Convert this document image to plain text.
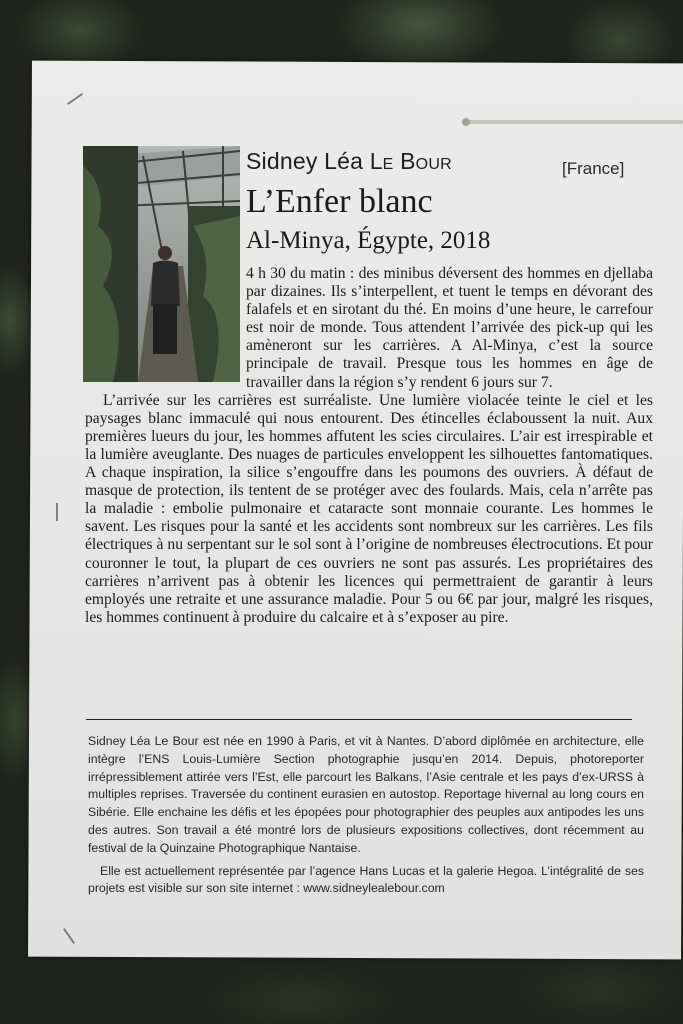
Sidney Léa Le Bour	[France]
L’Enfer blanc
Al-Minya, Égypte, 2018

4 h 30 du matin : des minibus déversent des hommes en djellaba par dizaines. Ils s’interpellent, et tuent le temps en dévorant des falafels et en sirotant du thé. En moins d’une heure, le carrefour est noir de monde. Tous attendent l’arrivée des pick-up qui les amèneront sur les carrières. A Al-Minya, c’est la source principale de travail. Presque tous les hommes en âge de travailler dans la région s’y rendent 6 jours sur 7.

L’arrivée sur les carrières est surréaliste. Une lumière violacée teinte le ciel et les paysages blanc immaculé qui nous entourent. Des étincelles éclaboussent la nuit. Aux premières lueurs du jour, les hommes affutent les scies circulaires. L’air est irrespirable et la lumière aveuglante. Des nuages de particules enveloppent les silhouettes fantomatiques. A chaque inspiration, la silice s’engouffre dans les poumons des ouvriers. À défaut de masque de protection, ils tentent de se protéger avec des foulards. Mais, cela n’arrête pas la maladie : embolie pulmonaire et cataracte sont monnaie courante. Les hommes le savent. Les risques pour la santé et les accidents sont nombreux sur les carrières. Les fils électriques à nu serpentant sur le sol sont à l’origine de nombreuses électrocutions. Et pour couronner le tout, la plupart de ces ouvriers ne sont pas assurés. Les propriétaires des carrières n’arrivent pas à obtenir les licences qui permettraient de garantir à leurs employés une retraite et une assurance maladie. Pour 5 ou 6€ par jour, malgré les risques, les hommes continuent à produire du calcaire et à s’exposer au pire.

Sidney Léa Le Bour est née en 1990 à Paris, et vit à Nantes. D’abord diplômée en architecture, elle intègre l’ENS Louis-Lumière Section photographie jusqu’en 2014. Depuis, photoreporter irrépressiblement attirée vers l’Est, elle parcourt les Balkans, l’Asie centrale et les pays d’ex-URSS à multiples reprises. Traversée du continent eurasien en autostop. Reportage hivernal au long cours en Sibérie. Elle enchaine les défis et les épopées pour photographier des peuples aux antipodes les uns des autres. Son travail a été montré lors de plusieurs expositions collectives, dont récemment au festival de la Quinzaine Photographique Nantaise.

Elle est actuellement représentée par l’agence Hans Lucas et la galerie Hegoa. L’intégralité de ses projets est visible sur son site internet : www.sidneylealebour.com
